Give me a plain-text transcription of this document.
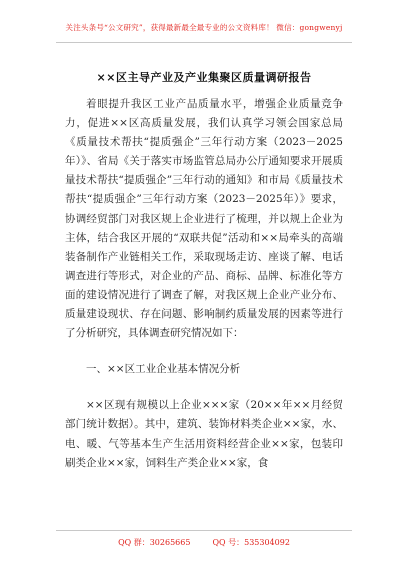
关注头条号“公文研究”，获得最新最全最专业的公文资料库！ 微信：gongwenyj
××区主导产业及产业集聚区质量调研报告

着眼提升我区工业产品质量水平，增强企业质量竞争力，促进××区高质量发展，我们认真学习领会国家总局《质量技术帮扶“提质强企”三年行动方案（2023－2025年）》、省局《关于落实市场监管总局办公厅通知要求开展质量技术帮扶“提质强企”三年行动的通知》和市局《质量技术帮扶“提质强企”三年行动方案（2023－2025年）》要求，协调经贸部门对我区规上企业进行了梳理，并以规上企业为主体，结合我区开展的“双联共促”活动和××局牵头的高端装备制作产业链相关工作，采取现场走访、座谈了解、电话调查进行等形式，对企业的产品、商标、品牌、标准化等方面的建设情况进行了调查了解，对我区规上企业产业分布、质量建设现状、存在问题、影响制约质量发展的因素等进行了分析研究，具体调查研究情况如下：

一、××区工业企业基本情况分析

××区现有规模以上企业×××家（20××年××月经贸部门统计数据）。其中，建筑、装饰材料类企业××家，水、电、暖、气等基本生产生活用资料经营企业××家，包装印刷类企业××家，饲料生产类企业××家，食

QQ 群：30265665	QQ 号：535304092
